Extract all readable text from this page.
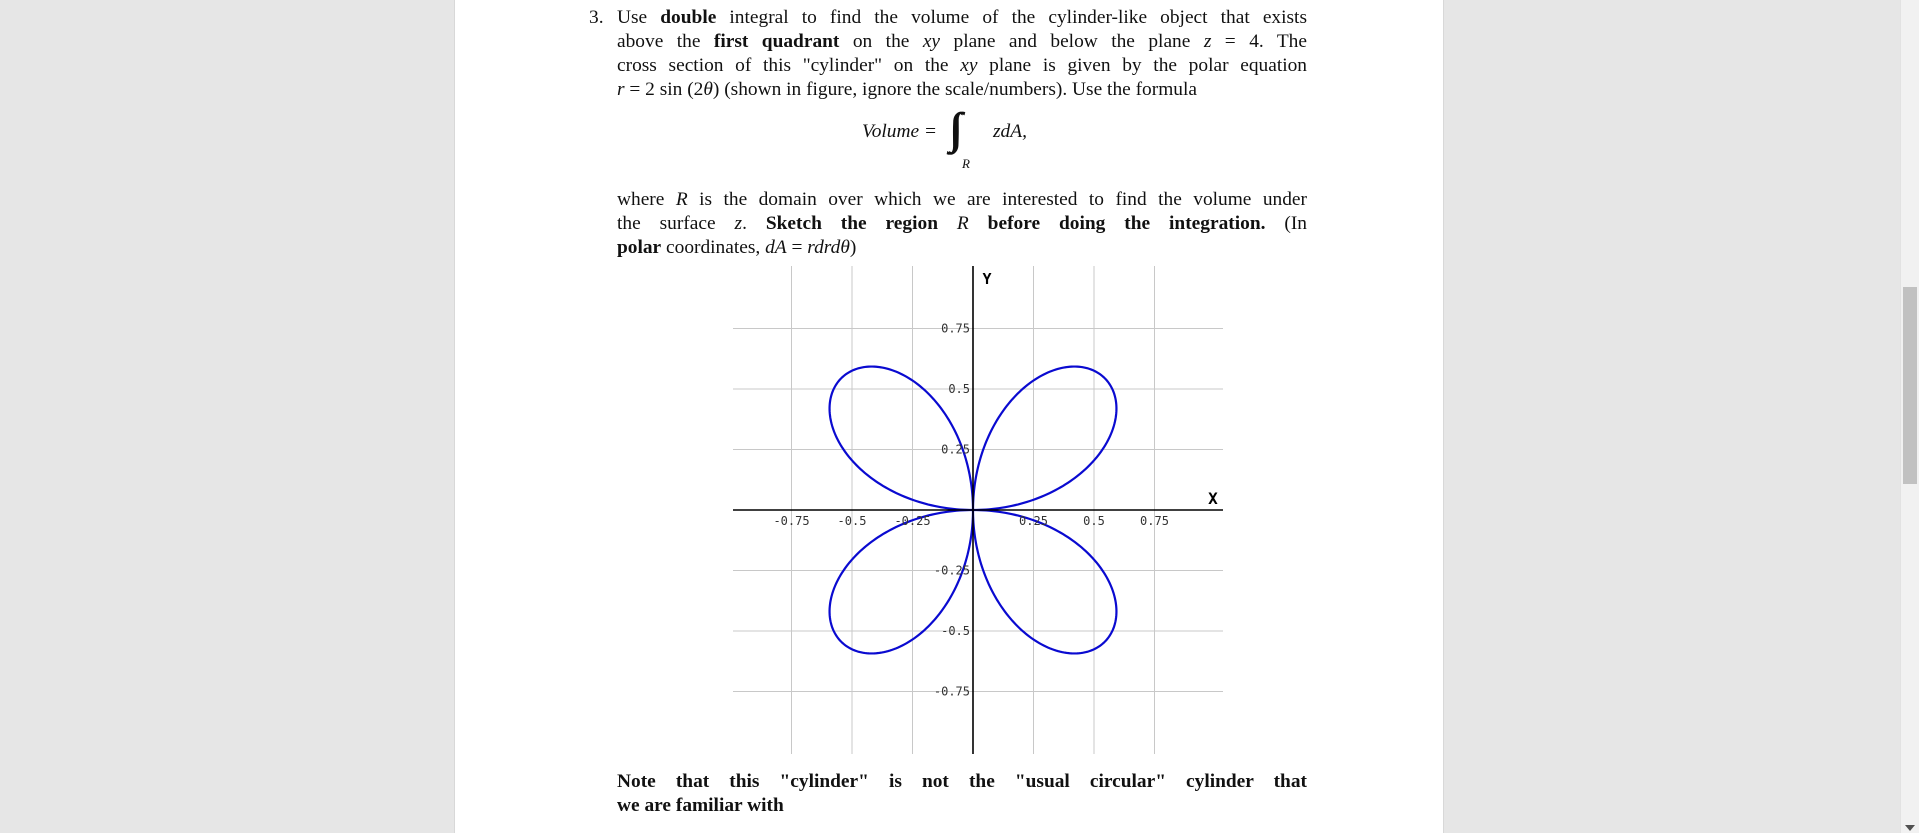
3. Use double integral to find the volume of the cylinder-like object that exists
above the first quadrant on the xy plane and below the plane z = 4. The
cross section of this "cylinder" on the xy plane is given by the polar equation
r = 2 sin (2θ) (shown in figure, ignore the scale/numbers). Use the formula

Volume = ∫∫
R
zdA,

where R is the domain over which we are interested to find the volume under
the surface z. Sketch the region R before doing the integration. (In
polar coordinates, dA = rdrdθ)

-0.75 -0.5 -0.25	0.25	0.5	0.75
0.75
0.5
0.25
-0.25
-0.5
-0.75
X
Y
Note that this "cylinder" is not the "usual circular" cylinder that
we are familiar with
